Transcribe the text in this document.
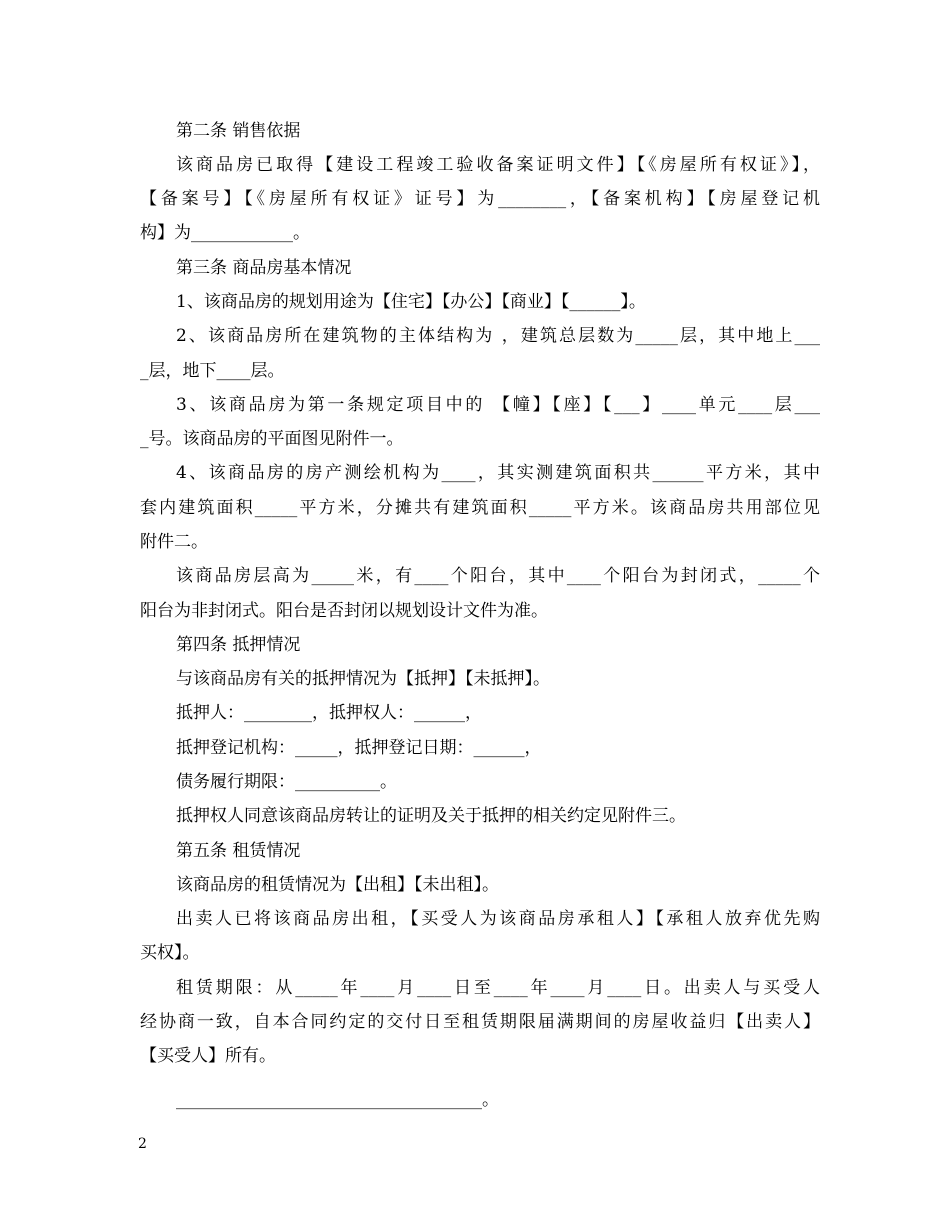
第二条 销售依据
该商品房已取得【建设工程竣工验收备案证明文件】【《房屋所有权证》】，
【备案号】【《房屋所有权证》证号】为________，【备案机构】【房屋登记机
构】为____________。
第三条 商品房基本情况
1、该商品房的规划用途为【住宅】【办公】【商业】【______】。
2、该商品房所在建筑物的主体结构为 ，建筑总层数为_____层，其中地上___
_层，地下____层。
3、该商品房为第一条规定项目中的 【幢】【座】【___】____单元____层___
_号。该商品房的平面图见附件一。
4、该商品房的房产测绘机构为____，其实测建筑面积共______平方米，其中
套内建筑面积_____平方米，分摊共有建筑面积_____平方米。该商品房共用部位见
附件二。
该商品房层高为_____米，有____个阳台，其中____个阳台为封闭式，_____个
阳台为非封闭式。阳台是否封闭以规划设计文件为准。
第四条 抵押情况
与该商品房有关的抵押情况为【抵押】【未抵押】。
抵押人：________，抵押权人：______，
抵押登记机构：_____，抵押登记日期：______，
债务履行期限：__________。
抵押权人同意该商品房转让的证明及关于抵押的相关约定见附件三。
第五条 租赁情况
该商品房的租赁情况为【出租】【未出租】。
出卖人已将该商品房出租，【买受人为该商品房承租人】【承租人放弃优先购
买权】。
租赁期限：从_____年____月____日至____年____月____日。出卖人与买受人
经协商一致，自本合同约定的交付日至租赁期限届满期间的房屋收益归【出卖人】
【买受人】所有。
____________________________________。
2
